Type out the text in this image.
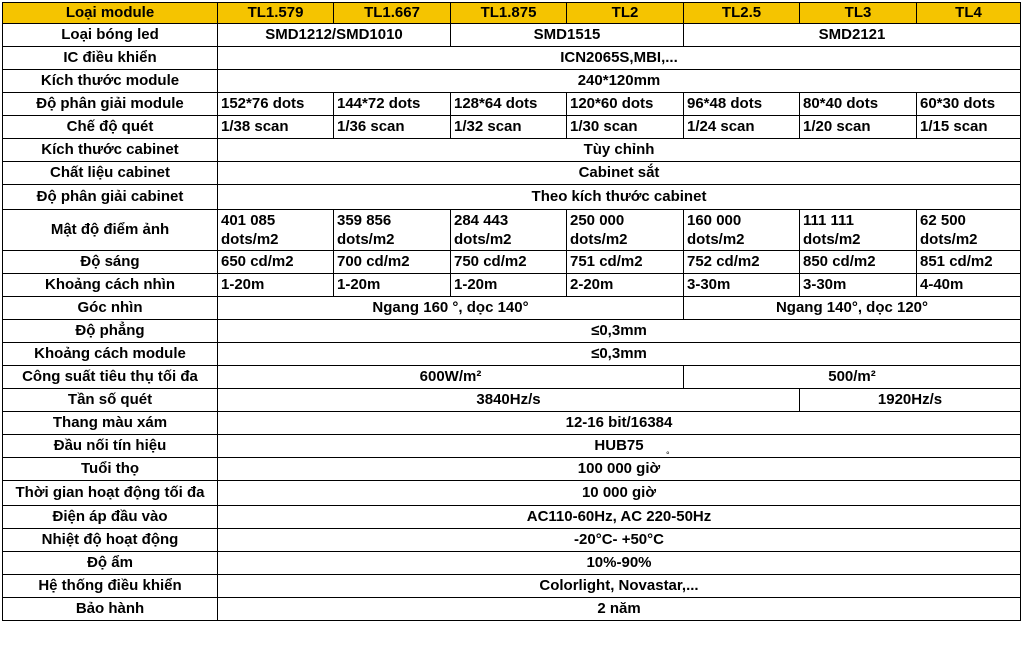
Loại module	TL1.579	TL1.667	TL1.875	TL2	TL2.5	TL3	TL4
Loại bóng led	SMD1212/SMD1010		SMD1515		SMD2121		
IC điều khiển	ICN2065S,MBI,...						
Kích thước module	240*120mm						
Độ phân giải module	152*76 dots	144*72 dots	128*64 dots	120*60 dots	96*48 dots	80*40 dots	60*30 dots
Chế độ quét	1/38 scan	1/36 scan	1/32 scan	1/30 scan	1/24 scan	1/20 scan	1/15 scan
Kích thước cabinet	Tùy chỉnh						
Chất liệu cabinet	Cabinet sắt						
Độ phân giải cabinet	Theo kích thước cabinet						
Mật độ điểm ảnh	401 085 dots/m2	359 856 dots/m2	284 443 dots/m2	250 000 dots/m2	160 000 dots/m2	111 111 dots/m2	62 500 dots/m2
Độ sáng	650 cd/m2	700 cd/m2	750 cd/m2	751 cd/m2	752 cd/m2	850 cd/m2	851 cd/m2
Khoảng cách nhìn	1-20m	1-20m	1-20m	2-20m	3-30m	3-30m	4-40m
Góc nhìn	Ngang 160 °, dọc 140°				Ngang 140°, dọc 120°		
Độ phẳng	≤0,3mm						
Khoảng cách module	≤0,3mm						
Công suất tiêu thụ tối đa	600W/m²				500/m²		
Tần số quét	3840Hz/s					1920Hz/s	
Thang màu xám	12-16 bit/16384						
Đầu nối tín hiệu	HUB75						
Tuổi thọ	100 000 giờ						
Thời gian hoạt động tối đa	10 000 giờ						
Điện áp đầu vào	AC110-60Hz, AC 220-50Hz						
Nhiệt độ hoạt động	-20°C- +50°C						
Độ ẩm	10%-90%						
Hệ thống điều khiển	Colorlight, Novastar,...						
Bảo hành	2 năm						
°
